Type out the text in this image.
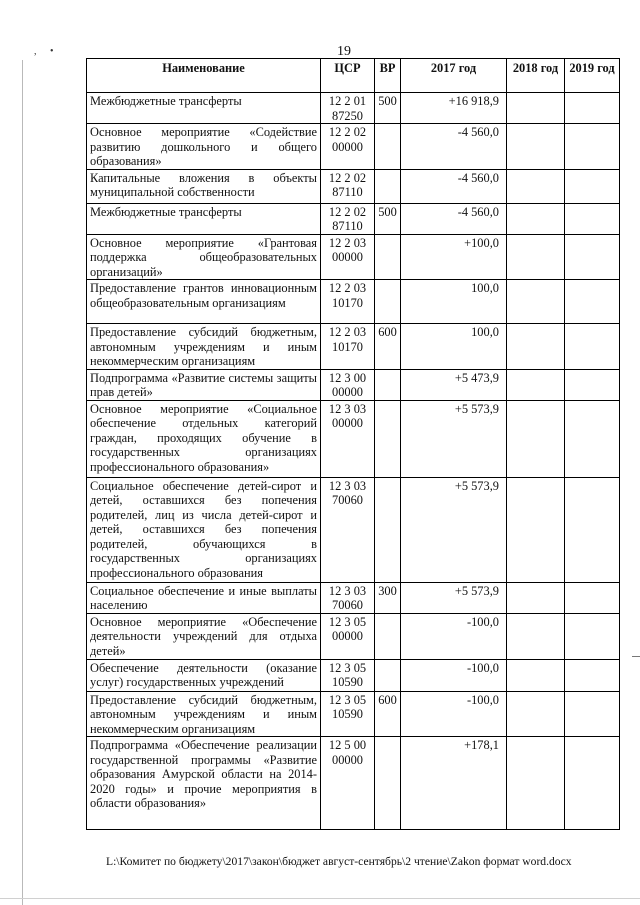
, •	19
Наименование	ЦСР	ВР	2017 год	2018 год	2019 год
Межбюджетные трансферты	12 2 01 87250	500	+16 918,9		
Основное мероприятие «Содействие развитию дошкольного и общего образования»	12 2 02 00000		-4 560,0		
Капитальные вложения в объекты муниципальной собственности	12 2 02 87110		-4 560,0		
Межбюджетные трансферты	12 2 02 87110	500	-4 560,0		
Основное мероприятие «Грантовая поддержка общеобразовательных организаций»	12 2 03 00000		+100,0		
Предоставление грантов инновационным общеобразовательным организациям	12 2 03 10170		100,0		
Предоставление субсидий бюджетным, автономным учреждениям и иным некоммерческим организациям	12 2 03 10170	600	100,0		
Подпрограмма «Развитие системы защиты прав детей»	12 3 00 00000		+5 473,9		
Основное мероприятие «Социальное обеспечение отдельных категорий граждан, проходящих обучение в государственных организациях профессионального образования»	12 3 03 00000		+5 573,9		
Социальное обеспечение детей-сирот и детей, оставшихся без попечения родителей, лиц из числа детей-сирот и детей, оставшихся без попечения родителей, обучающихся в государственных организациях профессионального образования	12 3 03 70060		+5 573,9		
Социальное обеспечение и иные выплаты населению	12 3 03 70060	300	+5 573,9		
Основное мероприятие «Обеспечение деятельности учреждений для отдыха детей»	12 3 05 00000		-100,0		
Обеспечение деятельности (оказание услуг) государственных учреждений	12 3 05 10590		-100,0		
Предоставление субсидий бюджетным, автономным учреждениям и иным некоммерческим организациям	12 3 05 10590	600	-100,0		
Подпрограмма «Обеспечение реализации государственной программы «Развитие образования Амурской области на 2014-2020 годы» и прочие мероприятия в области образования»	12 5 00 00000		+178,1		
L:\Комитет по бюджету\2017\закон\бюджет август-сентябрь\2 чтение\Zakon формат word.docx
